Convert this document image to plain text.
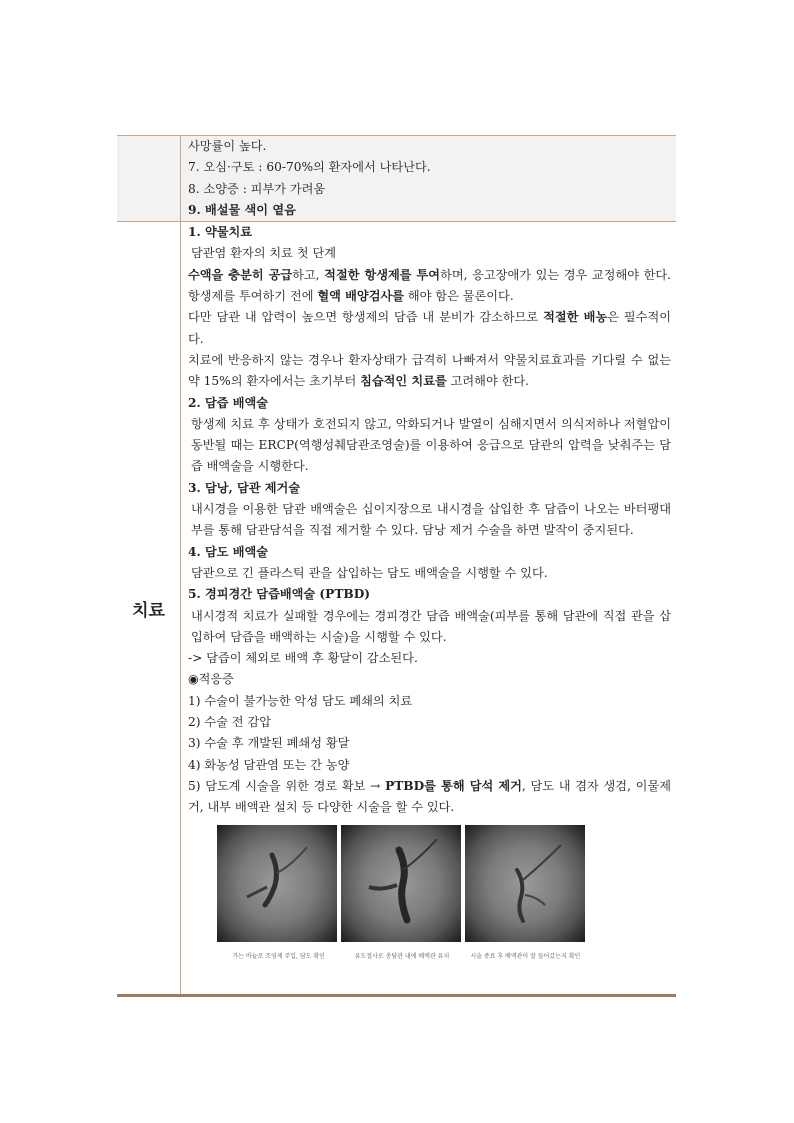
사망률이 높다.

7. 오심·구토 : 60-70%의 환자에서 나타난다.

8. 소양증 : 피부가 가려움

9. 배설물 색이 옅음

치료

1. 약물치료

담관염 환자의 치료 첫 단계

수액을 충분히 공급하고, 적절한 항생제를 투여하며, 응고장애가 있는 경우 교정해야 한다. 항생제를 투여하기 전에 혈액 배양검사를 해야 함은 물론이다.

다만 담관 내 압력이 높으면 항생제의 담즙 내 분비가 감소하므로 적절한 배농은 필수적이다.

치료에 반응하지 않는 경우나 환자상태가 급격히 나빠져서 약물치료효과를 기다릴 수 없는 약 15%의 환자에서는 초기부터 침습적인 치료를 고려해야 한다.

2. 담즙 배액술

항생제 치료 후 상태가 호전되지 않고, 악화되거나 발열이 심해지면서 의식저하나 저혈압이 동반될 때는 ERCP(역행성췌담관조영술)를 이용하여 응급으로 담관의 압력을 낮춰주는 담즙 배액술을 시행한다.

3. 담낭, 담관 제거술

내시경을 이용한 담관 배액술은 십이지장으로 내시경을 삽입한 후 담즙이 나오는 바터팽대부를 통해 담관담석을 직접 제거할 수 있다. 담낭 제거 수술을 하면 발작이 중지된다.

4. 담도 배액술

담관으로 긴 플라스틱 관을 삽입하는 담도 배액술을 시행할 수 있다.

5. 경피경간 담즙배액술 (PTBD)

내시경적 치료가 실패할 경우에는 경피경간 담즙 배액술(피부를 통해 담관에 직접 관을 삽입하여 담즙을 배액하는 시술)을 시행할 수 있다.

-> 담즙이 체외로 배액 후 황달이 감소된다.

◉적응증

1) 수술이 불가능한 악성 담도 폐쇄의 치료

2) 수술 전 감압

3) 수술 후 개발된 폐쇄성 황달

4) 화농성 담관염 또는 간 농양

5) 담도계 시술을 위한 경로 확보 → PTBD를 통해 담석 제거, 담도 내 겸자 생검, 이물제거, 내부 배액관 설치 등 다양한 시술을 할 수 있다.

가는 바늘로 조영제 주입, 담도 확인	유도철사로 총담관 내에 배액관 유치	시술 종료 후 배액관이 잘 들어갔는지 확인
